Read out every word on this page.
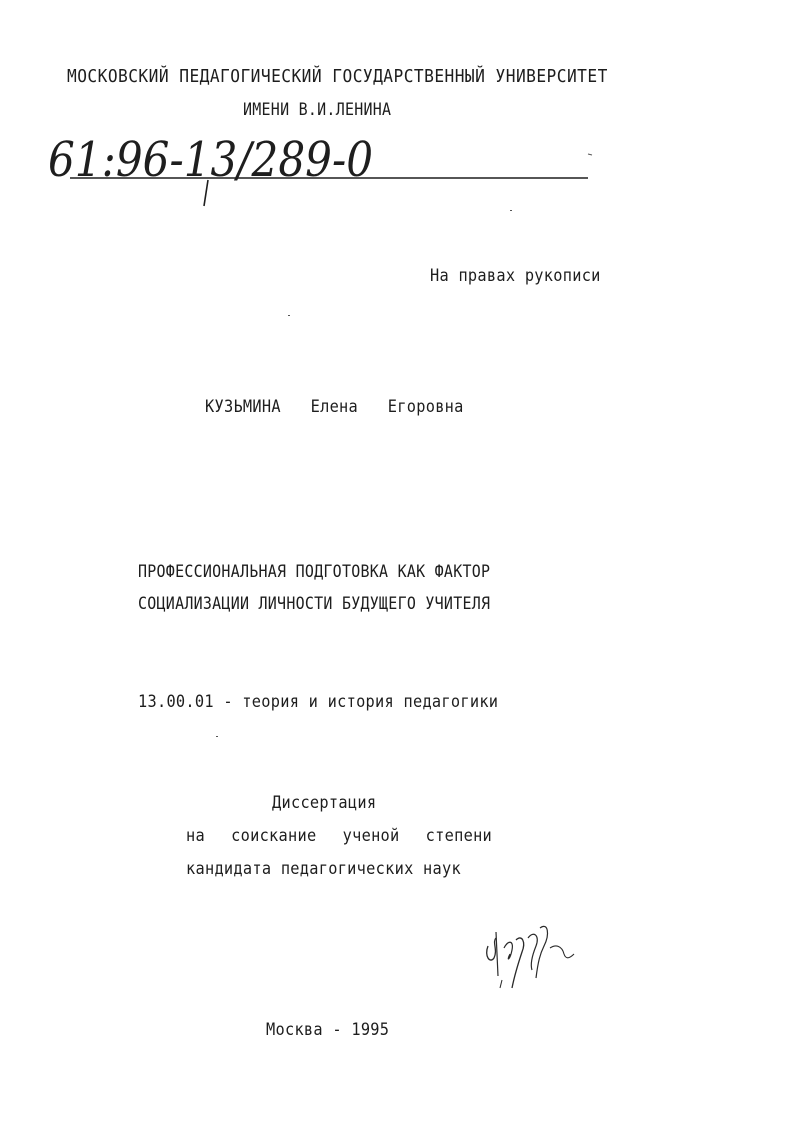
МОСКОВСКИЙ ПЕДАГОГИЧЕСКИЙ ГОСУДАРСТВЕННЫЙ УНИВЕРСИТЕТ
ИМЕНИ В.И.ЛЕНИНА
61:96-13/289-0
На правах рукописи
КУЗЬМИНА  Елена  Егоровна
ПРОФЕССИОНАЛЬНАЯ ПОДГОТОВКА КАК ФАКТОР
СОЦИАЛИЗАЦИИ ЛИЧНОСТИ БУДУЩЕГО УЧИТЕЛЯ
13.00.01 - теория и история педагогики
Диссертация
на  соискание  ученой  степени
кандидата педагогических наук
Москва - 1995
